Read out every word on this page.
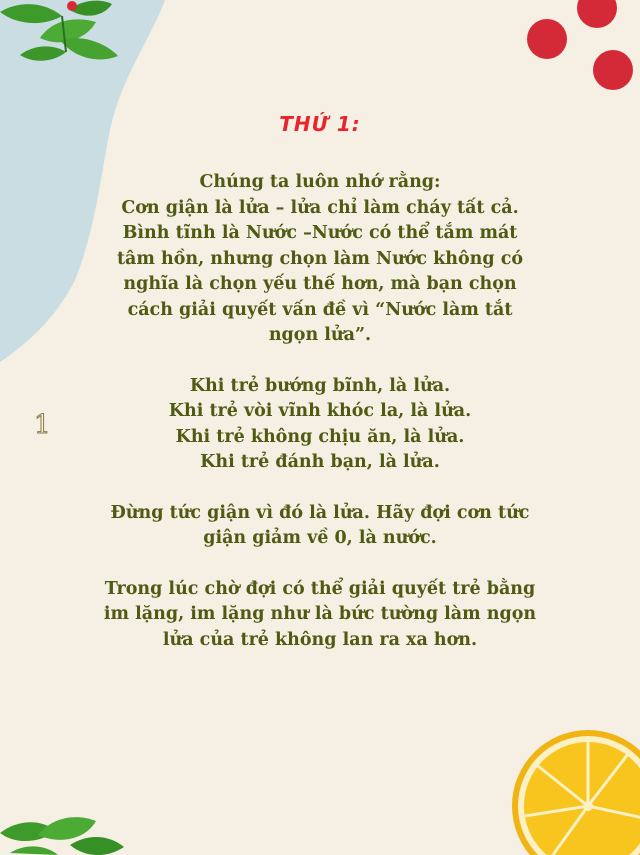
THỨ 1:
1

Chúng ta luôn nhớ rằng:
Cơn giận là lửa – lửa chỉ làm cháy tất cả.
Bình tĩnh là Nước –Nước có thể tắm mát
tâm hồn, nhưng chọn làm Nước không có
nghĩa là chọn yếu thế hơn, mà bạn chọn
cách giải quyết vấn đề vì “Nước làm tắt
ngọn lửa”.

Khi trẻ bướng bĩnh, là lửa.
Khi trẻ vòi vĩnh khóc la, là lửa.
Khi trẻ không chịu ăn, là lửa.
Khi trẻ đánh bạn, là lửa.

Đừng tức giận vì đó là lửa. Hãy đợi cơn tức
giận giảm về 0, là nước.

Trong lúc chờ đợi có thể giải quyết trẻ bằng
im lặng, im lặng như là bức tường làm ngọn
lửa của trẻ không lan ra xa hơn.
